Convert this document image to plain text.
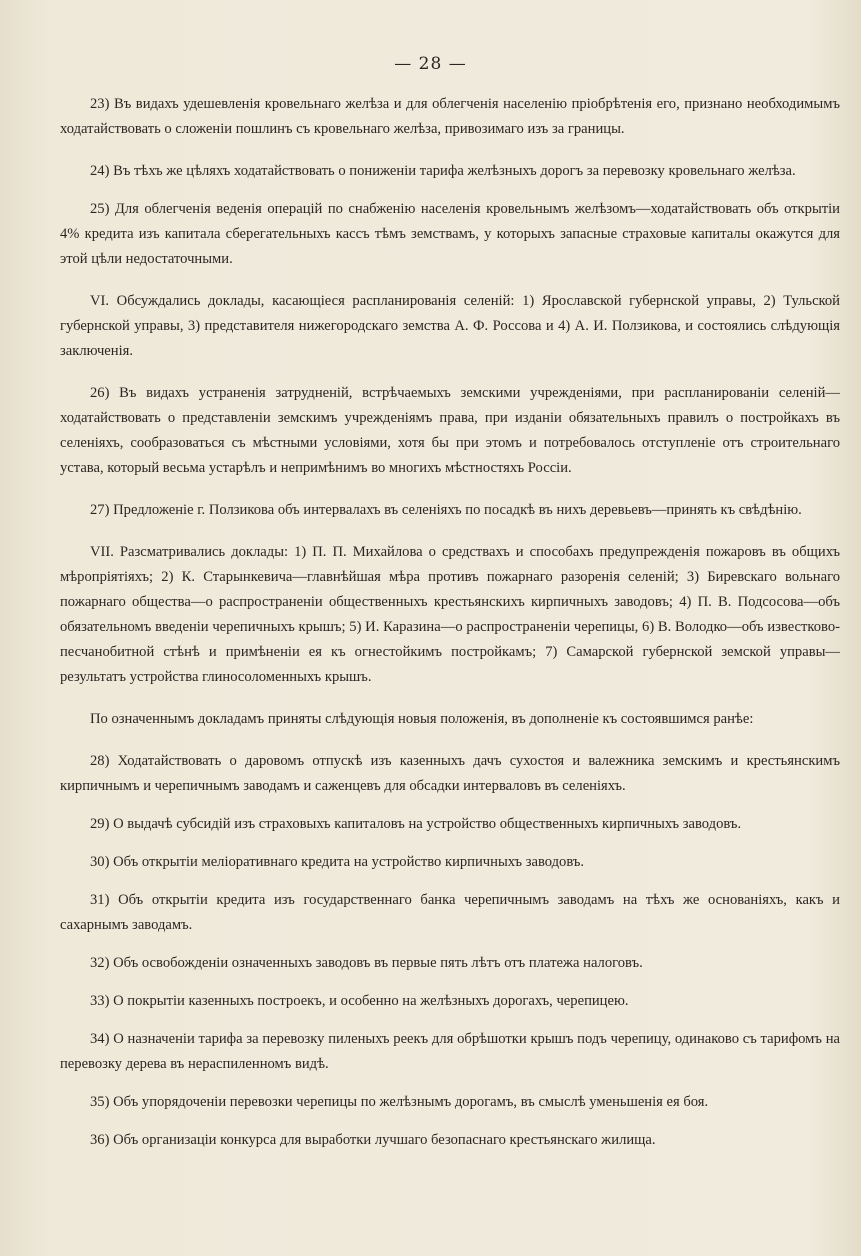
— 28 —

23) Въ видахъ удешевленія кровельнаго желѣза и для облегченія населенію пріобрѣтенія его, признано необходимымъ ходатайствовать о сложеніи пошлинъ съ кровельнаго желѣза, привозимаго изъ за границы.

24) Въ тѣхъ же цѣляхъ ходатайствовать о пониженіи тарифа желѣзныхъ дорогъ за перевозку кровельнаго желѣза.

25) Для облегченія веденія операцій по снабженію населенія кровельнымъ желѣзомъ—ходатайствовать объ открытіи 4% кредита изъ капитала сберегательныхъ кассъ тѣмъ земствамъ, у которыхъ запасные страховые капиталы окажутся для этой цѣли недостаточными.

VI. Обсуждались доклады, касающіеся распланированія селеній: 1) Ярославской губернской управы, 2) Тульской губернской управы, 3) представителя нижегородскаго земства А. Ф. Россова и 4) А. И. Ползикова, и состоялись слѣдующія заключенія.

26) Въ видахъ устраненія затрудненій, встрѣчаемыхъ земскими учрежденіями, при распланированіи селеній—ходатайствовать о представленіи земскимъ учрежденіямъ права, при изданіи обязательныхъ правилъ о постройкахъ въ селеніяхъ, сообразоваться съ мѣстными условіями, хотя бы при этомъ и потребовалось отступленіе отъ строительнаго устава, который весьма устарѣлъ и непримѣнимъ во многихъ мѣстностяхъ Россіи.

27) Предложеніе г. Ползикова объ интервалахъ въ селеніяхъ по посадкѣ въ нихъ деревьевъ—принять къ свѣдѣнію.

VII. Разсматривались доклады: 1) П. П. Михайлова о средствахъ и способахъ предупрежденія пожаровъ въ общихъ мѣропріятіяхъ; 2) К. Старынкевича—главнѣйшая мѣра противъ пожарнаго разоренія селеній; 3) Биревскаго вольнаго пожарнаго общества—о распространеніи общественныхъ крестьянскихъ кирпичныхъ заводовъ; 4) П. В. Подсосова—объ обязательномъ введеніи черепичныхъ крышъ; 5) И. Каразина—о распространеніи черепицы, 6) В. Володко—объ известково-песчанобитной стѣнѣ и примѣненіи ея къ огнестойкимъ постройкамъ; 7) Самарской губернской земской управы—результатъ устройства глиносоломенныхъ крышъ.

По означеннымъ докладамъ приняты слѣдующія новыя положенія, въ дополненіе къ состоявшимся ранѣе:

28) Ходатайствовать о даровомъ отпускѣ изъ казенныхъ дачъ сухостоя и валежника земскимъ и крестьянскимъ кирпичнымъ и черепичнымъ заводамъ и саженцевъ для обсадки интерваловъ въ селеніяхъ.

29) О выдачѣ субсидій изъ страховыхъ капиталовъ на устройство общественныхъ кирпичныхъ заводовъ.

30) Объ открытіи меліоративнаго кредита на устройство кирпичныхъ заводовъ.

31) Объ открытіи кредита изъ государственнаго банка черепичнымъ заводамъ на тѣхъ же основаніяхъ, какъ и сахарнымъ заводамъ.

32) Объ освобожденіи означенныхъ заводовъ въ первые пять лѣтъ отъ платежа налоговъ.

33) О покрытіи казенныхъ построекъ, и особенно на желѣзныхъ дорогахъ, черепицею.

34) О назначеніи тарифа за перевозку пиленыхъ реекъ для обрѣшотки крышъ подъ черепицу, одинаково съ тарифомъ на перевозку дерева въ нераспиленномъ видѣ.

35) Объ упорядоченіи перевозки черепицы по желѣзнымъ дорогамъ, въ смыслѣ уменьшенія ея боя.

36) Объ организаціи конкурса для выработки лучшаго безопаснаго крестьянскаго жилища.
